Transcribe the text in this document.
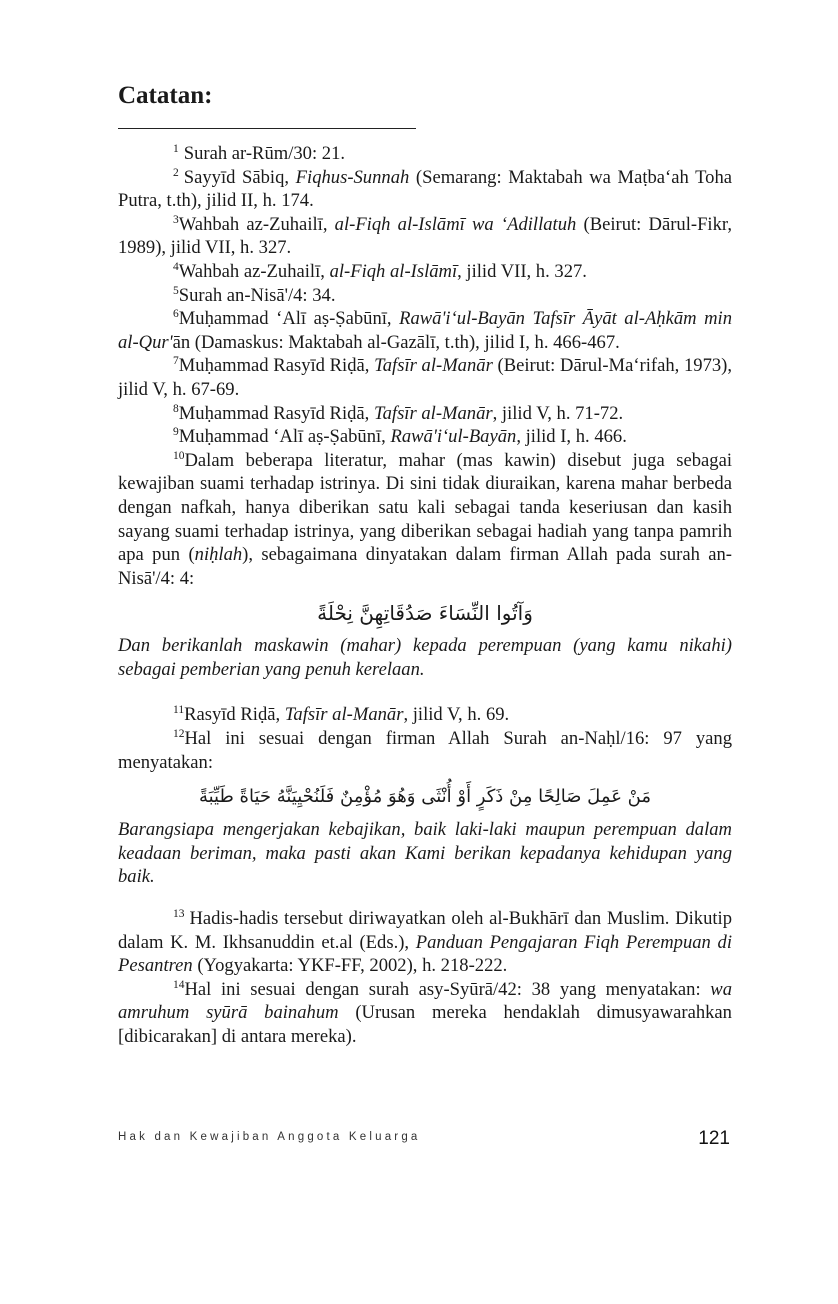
Catatan:

$^1$ Surah ar-Rūm/30: 21.

$^2$ Sayyīd Sābiq, Fiqhus-Sunnah (Semarang: Maktabah wa Maṭba‘ah Toha Putra, t.th), jilid II, h. 174.

$^3$Wahbah az-Zuhailī, al-Fiqh al-Islāmī wa ‘Adillatuh (Beirut: Dārul-Fikr, 1989), jilid VII, h. 327.

$^4$Wahbah az-Zuhailī, al-Fiqh al-Islāmī, jilid VII, h. 327.

$^5$Surah an-Nisā'/4: 34.

$^6$Muḥammad ‘Alī aṣ-Ṣabūnī, Rawā'i‘ul-Bayān Tafsīr Āyāt al-Aḥkām min al-Qur'ān (Damaskus: Maktabah al-Gazālī, t.th), jilid I, h. 466-467.

$^7$Muḥammad Rasyīd Riḍā, Tafsīr al-Manār (Beirut: Dārul-Ma‘rifah, 1973), jilid V, h. 67-69.

$^8$Muḥammad Rasyīd Riḍā, Tafsīr al-Manār, jilid V, h. 71-72.

$^9$Muḥammad ‘Alī aṣ-Ṣabūnī, Rawā'i‘ul-Bayān, jilid I, h. 466.

$^{10}$Dalam beberapa literatur, mahar (mas kawin) disebut juga sebagai kewajiban suami terhadap istrinya. Di sini tidak diuraikan, karena mahar berbeda dengan nafkah, hanya diberikan satu kali sebagai tanda keseriusan dan kasih sayang suami terhadap istrinya, yang diberikan sebagai hadiah yang tanpa pamrih apa pun (niḥlah), sebagaimana dinyatakan dalam firman Allah pada surah an-Nisā'/4: 4:

وَآتُوا النِّسَاءَ صَدُقَاتِهِنَّ نِحْلَةً

Dan berikanlah maskawin (mahar) kepada perempuan (yang kamu nikahi) sebagai pemberian yang penuh kerelaan.

$^{11}$Rasyīd Riḍā, Tafsīr al-Manār, jilid V, h. 69.

$^{12}$Hal ini sesuai dengan firman Allah Surah an-Naḥl/16: 97 yang menyatakan:

مَنْ عَمِلَ صَالِحًا مِنْ ذَكَرٍ أَوْ أُنْثَى وَهُوَ مُؤْمِنٌ فَلَنُحْيِيَنَّهُ حَيَاةً طَيِّبَةً

Barangsiapa mengerjakan kebajikan, baik laki-laki maupun perempuan dalam keadaan beriman, maka pasti akan Kami berikan kepadanya kehidupan yang baik.

$^{13}$ Hadis-hadis tersebut diriwayatkan oleh al-Bukhārī dan Muslim. Dikutip dalam K. M. Ikhsanuddin et.al (Eds.), Panduan Pengajaran Fiqh Perempuan di Pesantren (Yogyakarta: YKF-FF, 2002), h. 218-222.

$^{14}$Hal ini sesuai dengan surah asy-Syūrā/42: 38 yang menyatakan: wa amruhum syūrā bainahum (Urusan mereka hendaklah dimusyawarahkan [dibicarakan] di antara mereka).

Hak dan Kewajiban Anggota Keluarga	121
